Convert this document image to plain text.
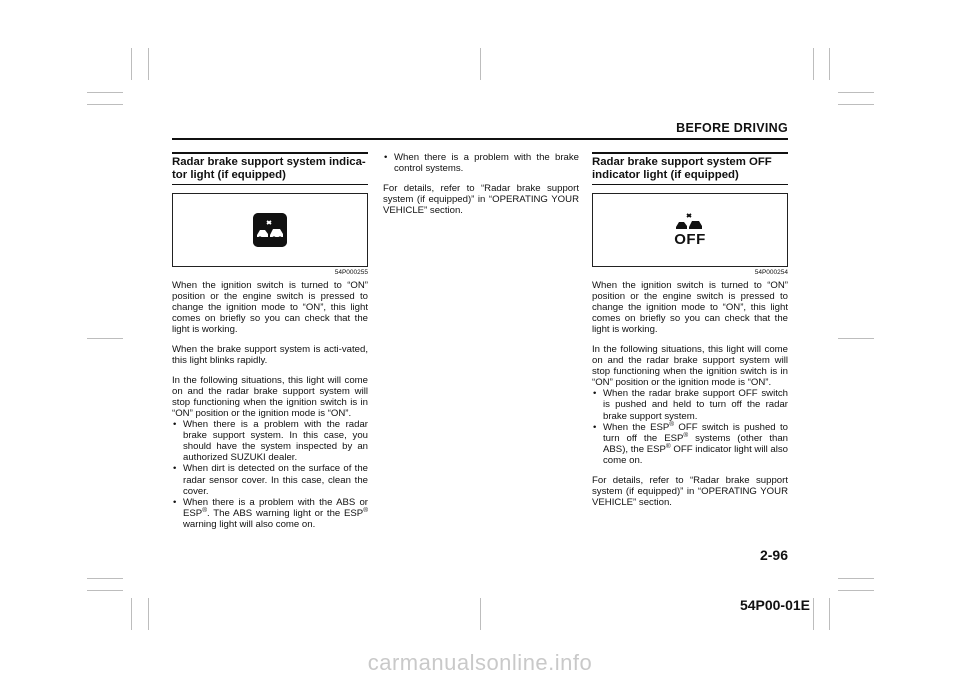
BEFORE DRIVING
Radar brake support system indica-tor light (if equipped)
54P000255

When the ignition switch is turned to “ON” position or the engine switch is pressed to change the ignition mode to “ON”, this light comes on briefly so you can check that the light is working.

When the brake support system is acti-vated, this light blinks rapidly.

In the following situations, this light will come on and the radar brake support system will stop functioning when the ignition switch is in “ON” position or the ignition mode is “ON”.

• When there is a problem with the radar brake support system. In this case, you should have the system inspected by an authorized SUZUKI dealer.
• When dirt is detected on the surface of the radar sensor cover. In this case, clean the cover.
• When there is a problem with the ABS or ESP®. The ABS warning light or the ESP® warning light will also come on.
• When there is a problem with the brake control systems.

For details, refer to “Radar brake support system (if equipped)” in “OPERATING YOUR VEHICLE” section.

Radar brake support system OFF indicator light (if equipped)
OFF
54P000254

When the ignition switch is turned to “ON” position or the engine switch is pressed to change the ignition mode to “ON”, this light comes on briefly so you can check that the light is working.

In the following situations, this light will come on and the radar brake support system will stop functioning when the ignition switch is in “ON” position or the ignition mode is “ON”.

• When the radar brake support OFF switch is pushed and held to turn off the radar brake support system.
• When the ESP® OFF switch is pushed to turn off the ESP® systems (other than ABS), the ESP® OFF indicator light will also come on.

For details, refer to “Radar brake support system (if equipped)” in “OPERATING YOUR VEHICLE” section.

2-96
54P00-01E
carmanualsonline.info
